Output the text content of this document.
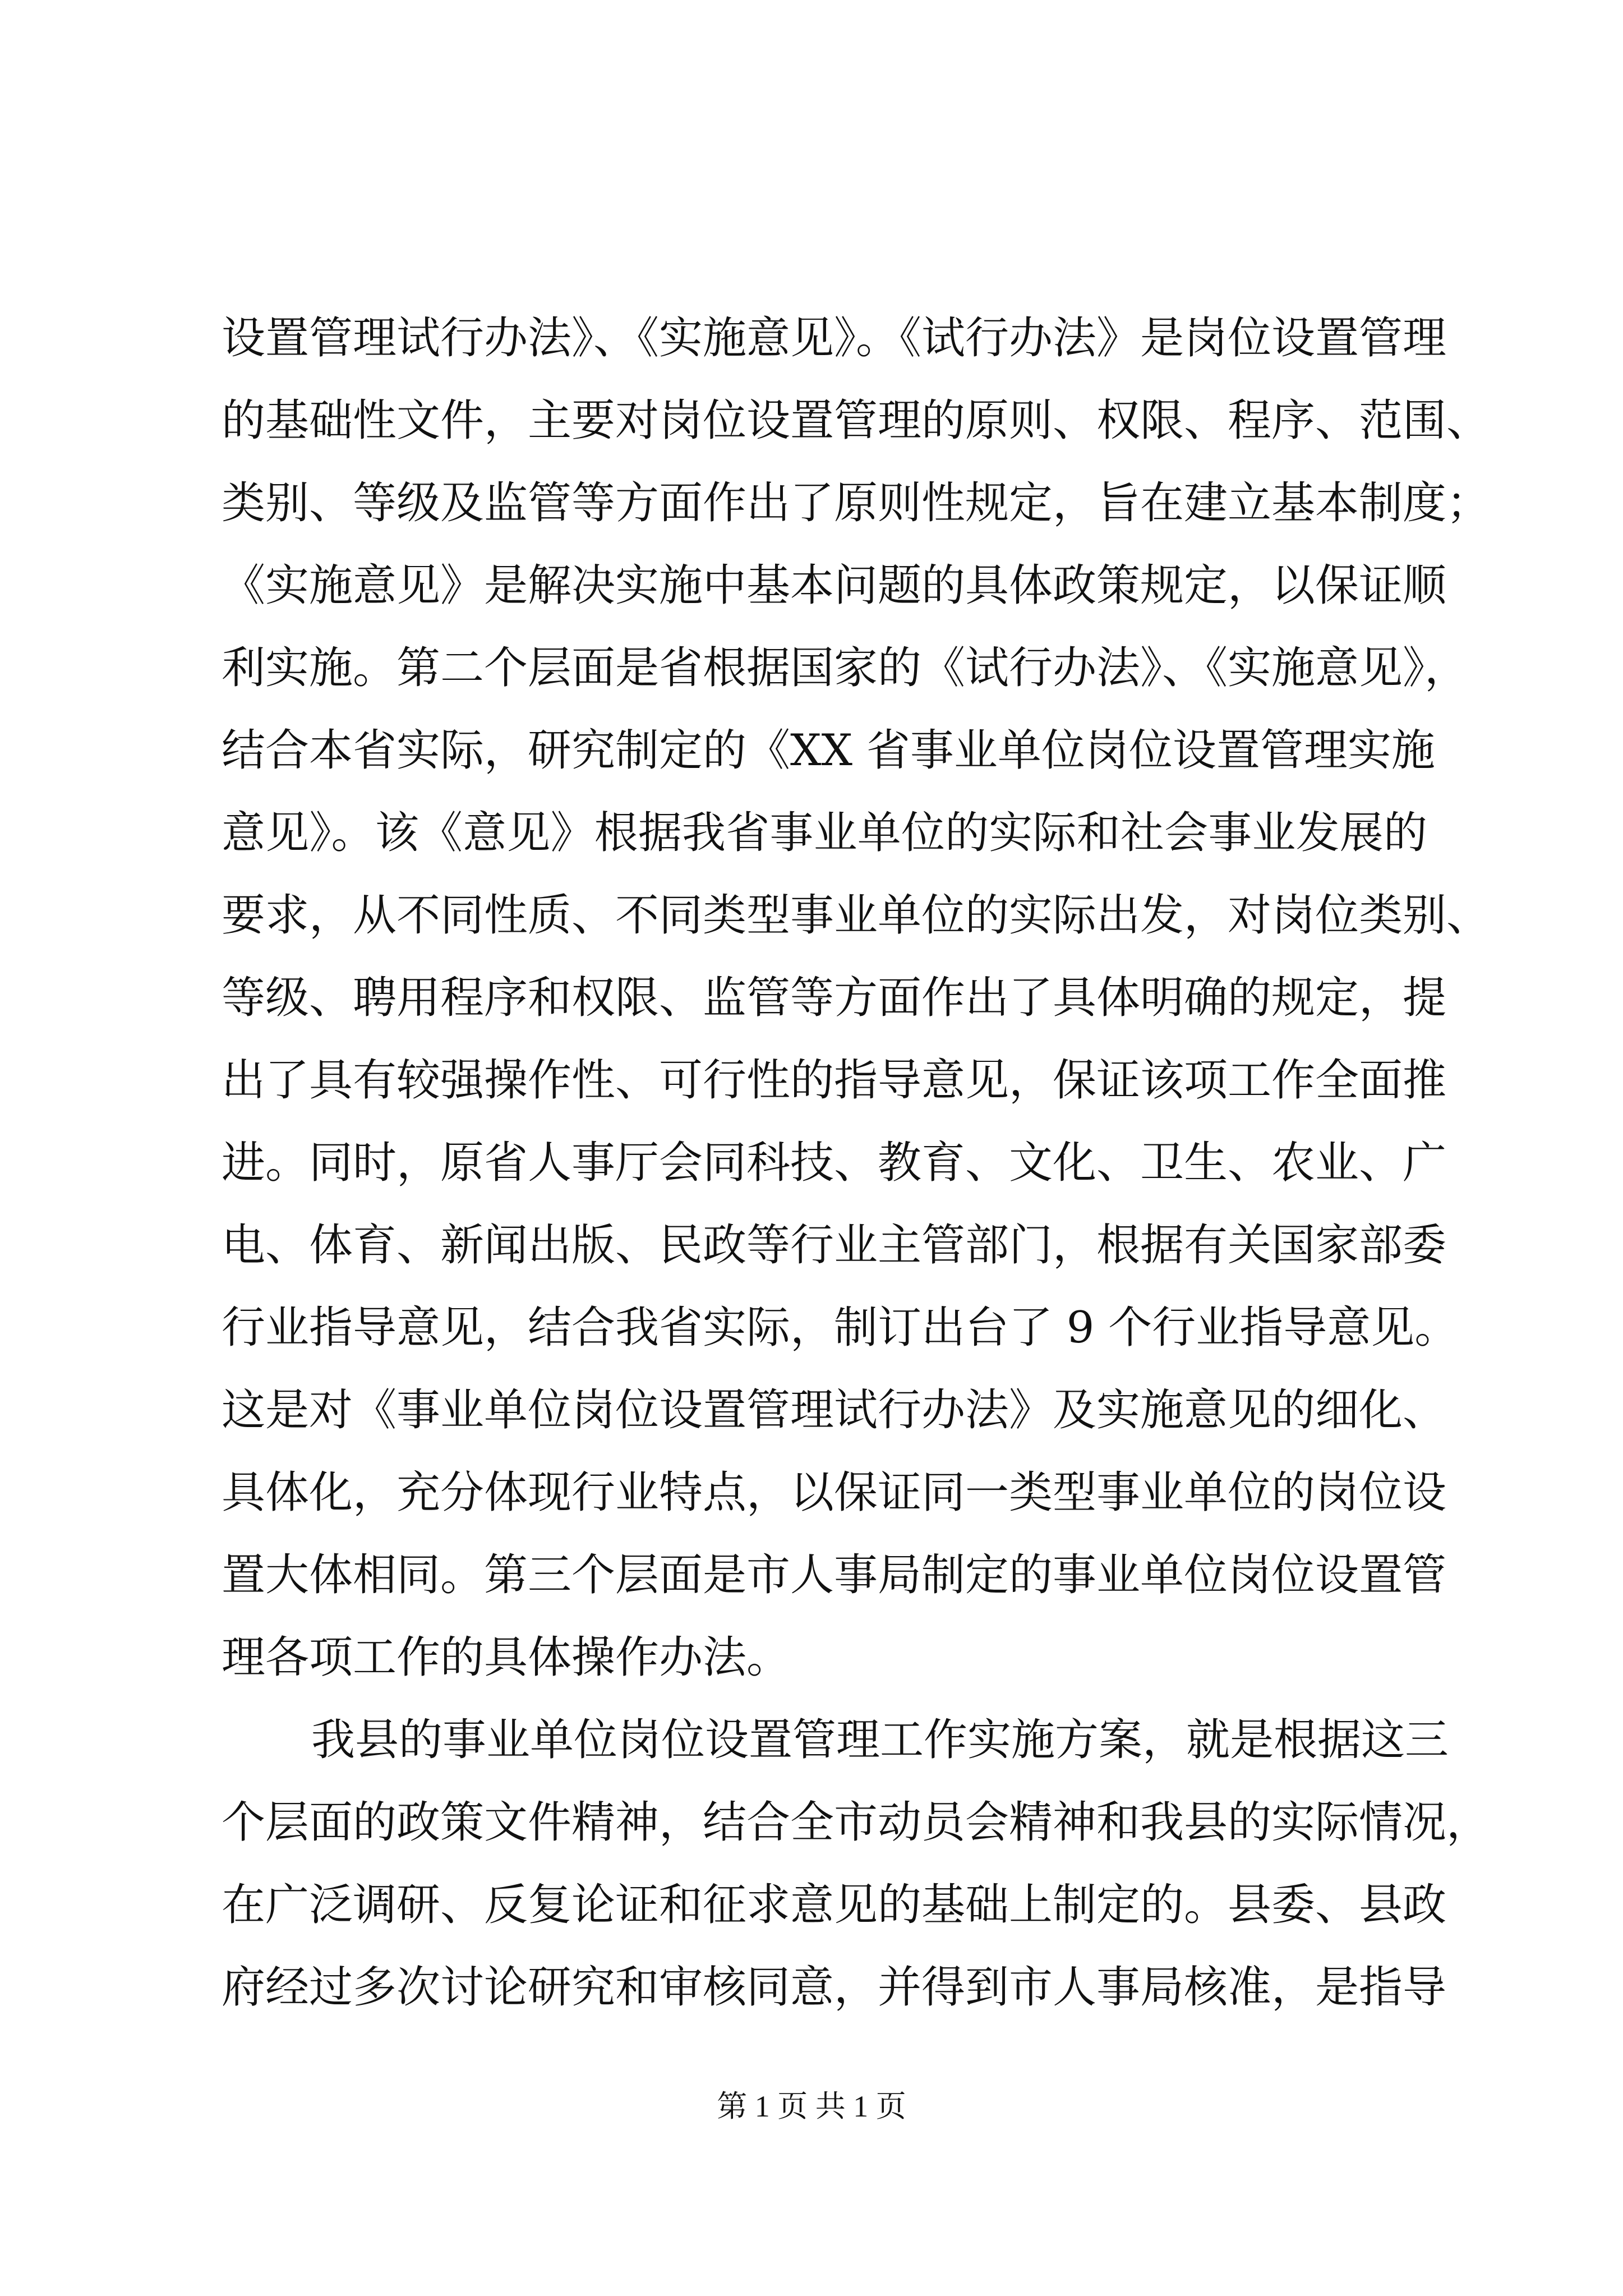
设置管理试行办法》、《实施意见》。《试行办法》是岗位设置管理
的基础性文件，主要对岗位设置管理的原则、权限、程序、范围、
类别、等级及监管等方面作出了原则性规定，旨在建立基本制度；
《实施意见》是解决实施中基本问题的具体政策规定，以保证顺
利实施。第二个层面是省根据国家的《试行办法》、《实施意见》，
结合本省实际，研究制定的《XX 省事业单位岗位设置管理实施
意见》。该《意见》根据我省事业单位的实际和社会事业发展的
要求，从不同性质、不同类型事业单位的实际出发，对岗位类别、
等级、聘用程序和权限、监管等方面作出了具体明确的规定，提
出了具有较强操作性、可行性的指导意见，保证该项工作全面推
进。同时，原省人事厅会同科技、教育、文化、卫生、农业、广
电、体育、新闻出版、民政等行业主管部门，根据有关国家部委
行业指导意见，结合我省实际，制订出台了 9 个行业指导意见。
这是对《事业单位岗位设置管理试行办法》及实施意见的细化、
具体化，充分体现行业特点，以保证同一类型事业单位的岗位设
置大体相同。第三个层面是市人事局制定的事业单位岗位设置管
理各项工作的具体操作办法。
我县的事业单位岗位设置管理工作实施方案，就是根据这三
个层面的政策文件精神，结合全市动员会精神和我县的实际情况，
在广泛调研、反复论证和征求意见的基础上制定的。县委、县政
府经过多次讨论研究和审核同意，并得到市人事局核准，是指导
第 1 页 共 1 页
